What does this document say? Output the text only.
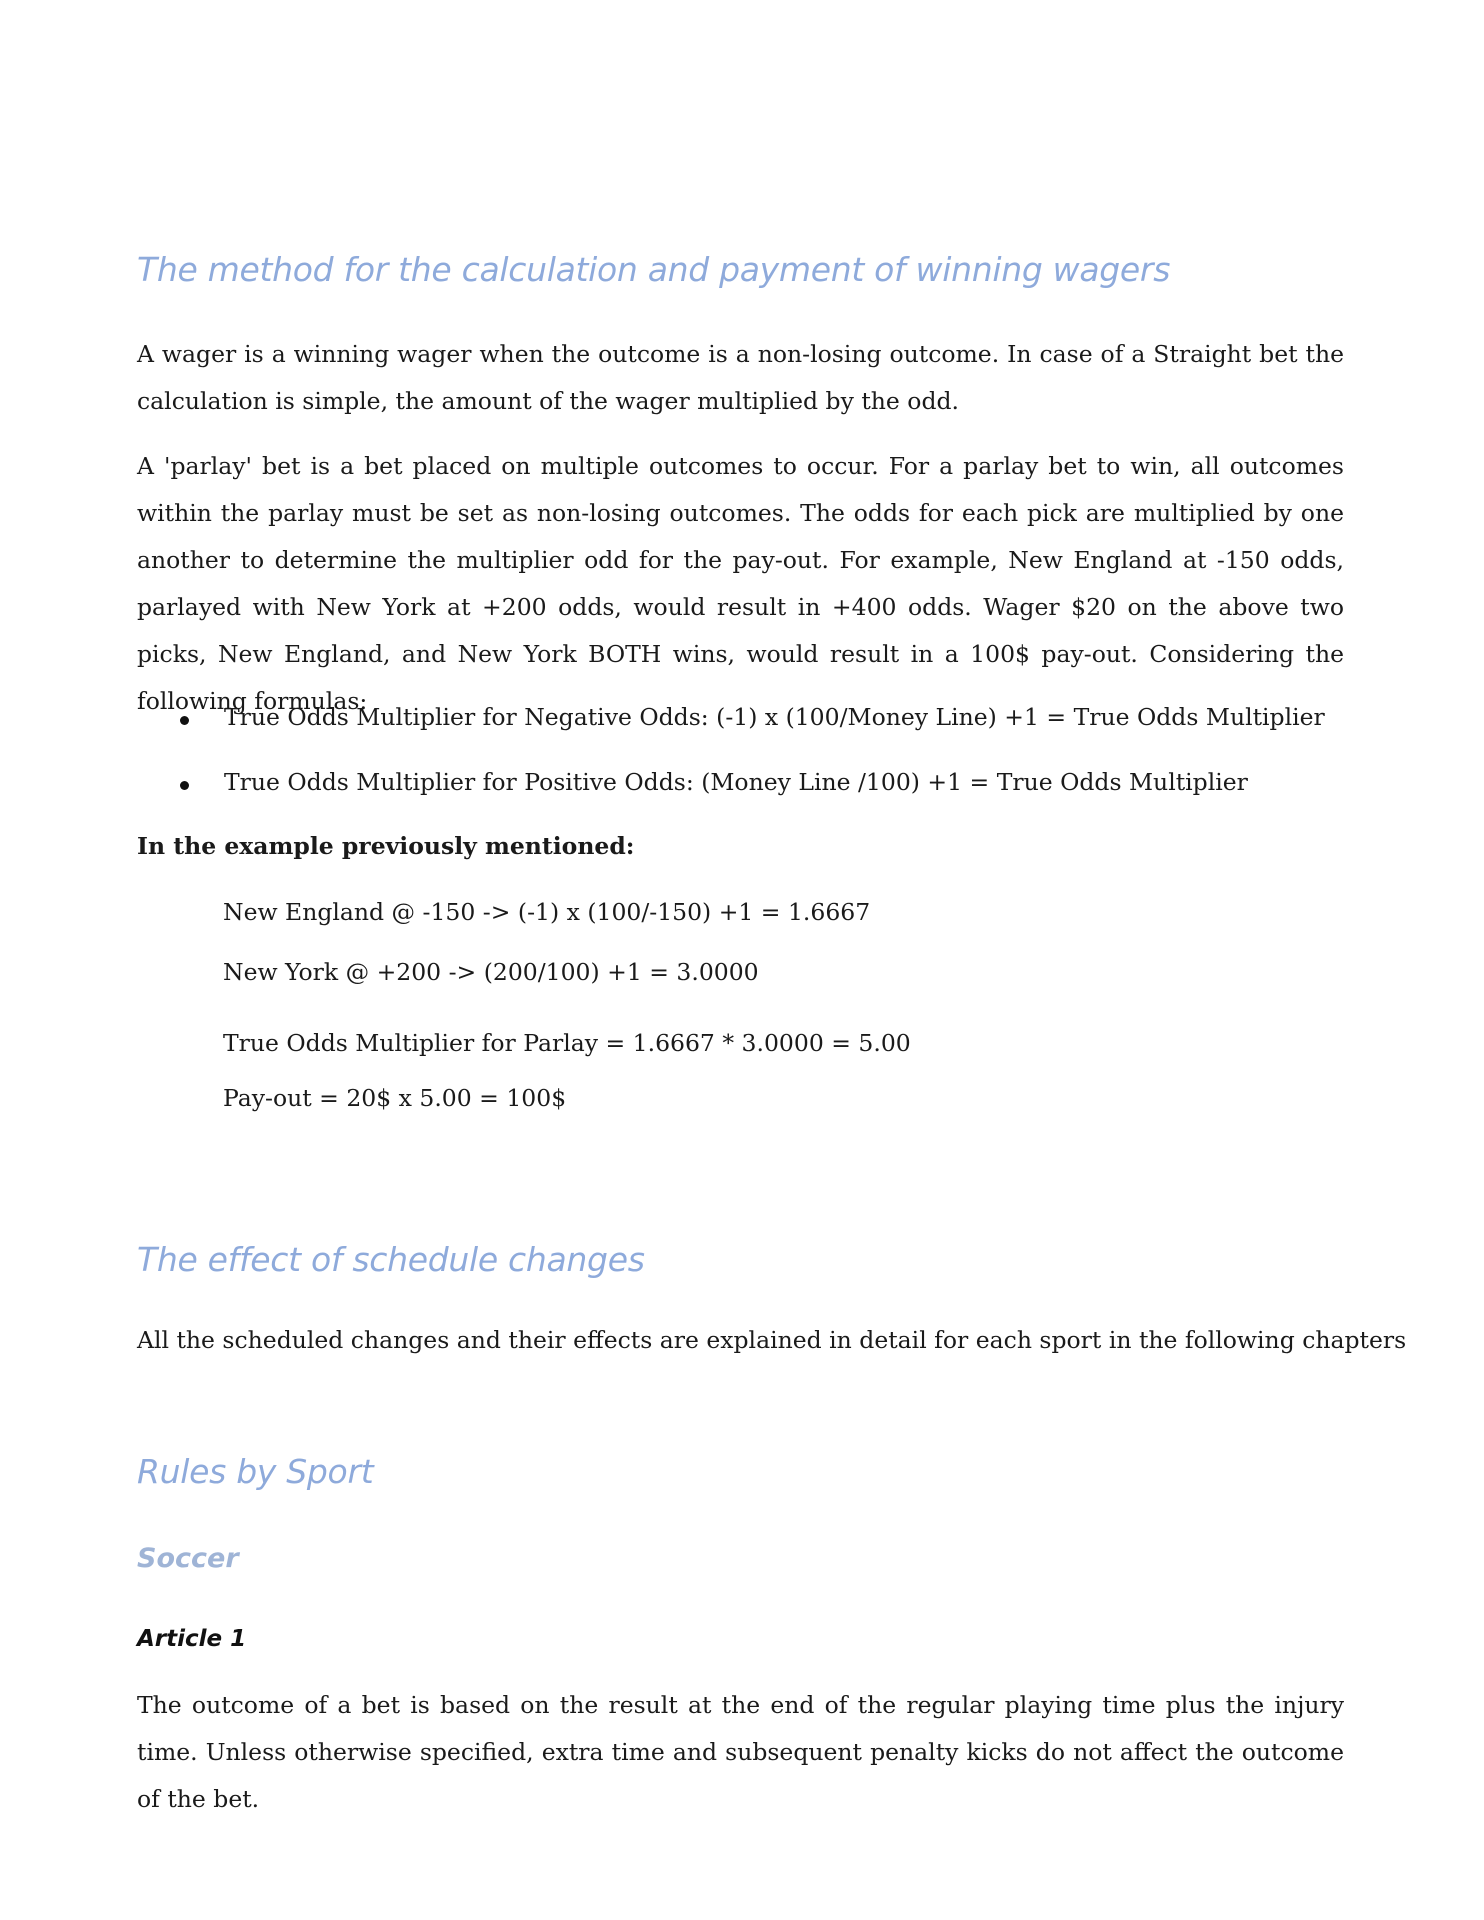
The method for the calculation and payment of winning wagers

A wager is a winning wager when the outcome is a non-losing outcome. In case of a Straight bet the calculation is simple, the amount of the wager multiplied by the odd.

A 'parlay' bet is a bet placed on multiple outcomes to occur. For a parlay bet to win, all outcomes within the parlay must be set as non-losing outcomes. The odds for each pick are multiplied by one another to determine the multiplier odd for the pay-out. For example, New England at -150 odds, parlayed with New York at +200 odds, would result in +400 odds. Wager $20 on the above two picks, New England, and New York BOTH wins, would result in a 100$ pay-out. Considering the following formulas:

True Odds Multiplier for Negative Odds: (-1) x (100/Money Line) +1 = True Odds Multiplier

True Odds Multiplier for Positive Odds: (Money Line /100) +1 = True Odds Multiplier

In the example previously mentioned:

New England @ -150 -> (-1) x (100/-150) +1 = 1.6667

New York @ +200 -> (200/100) +1 = 3.0000

True Odds Multiplier for Parlay = 1.6667 * 3.0000 = 5.00

Pay-out = 20$ x 5.00 = 100$

The effect of schedule changes

All the scheduled changes and their effects are explained in detail for each sport in the following chapters

Rules by Sport
Soccer
Article 1

The outcome of a bet is based on the result at the end of the regular playing time plus the injury time. Unless otherwise specified, extra time and subsequent penalty kicks do not affect the outcome of the bet.
